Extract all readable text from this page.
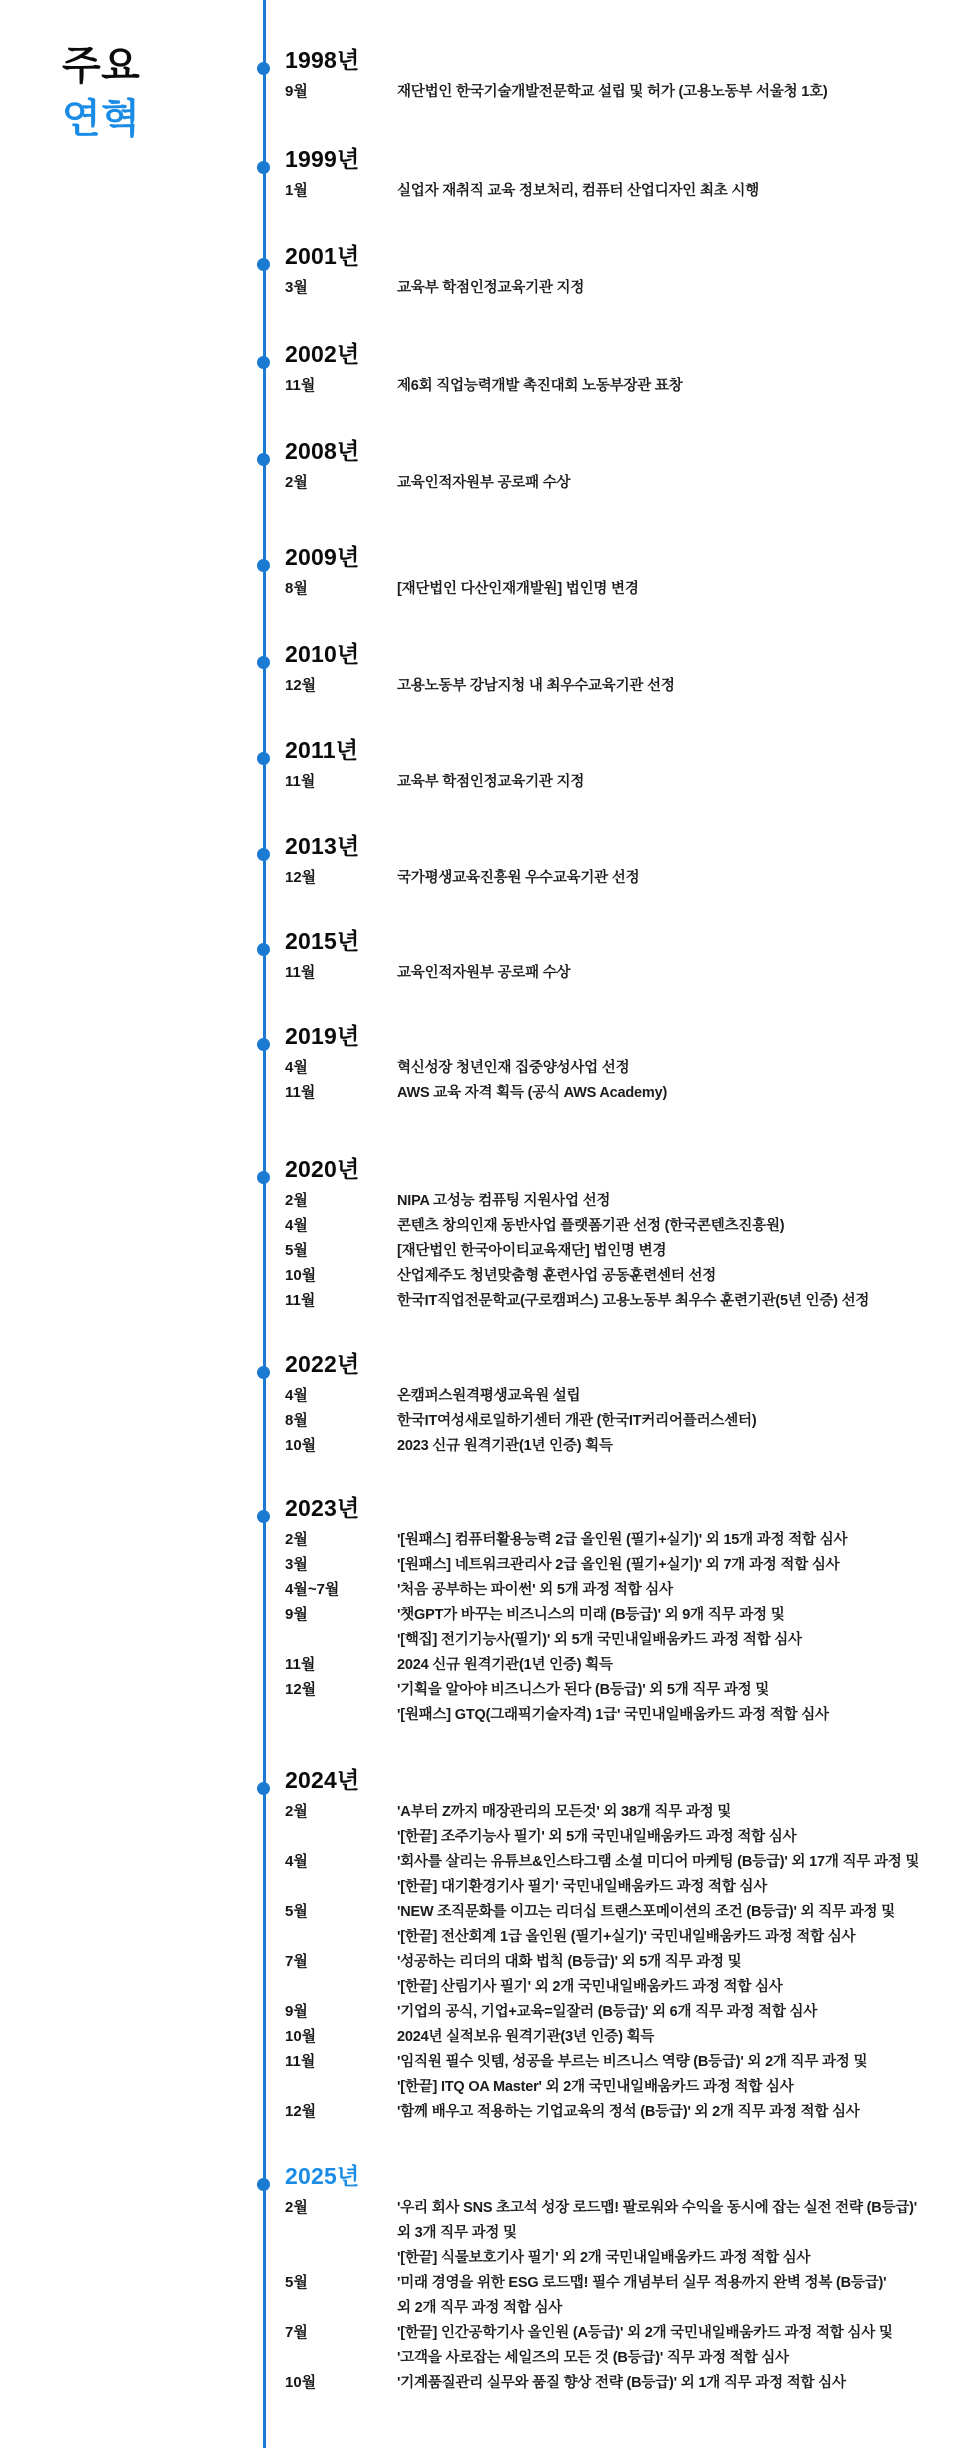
주요
연혁
1998년
9월	재단법인 한국기술개발전문학교 설립 및 허가 (고용노동부 서울청 1호)
1999년
1월	실업자 재취직 교육 정보처리, 컴퓨터 산업디자인 최초 시행
2001년
3월	교육부 학점인정교육기관 지정
2002년
11월	제6회 직업능력개발 촉진대회 노동부장관 표창
2008년
2월	교육인적자원부 공로패 수상
2009년
8월	[재단법인 다산인재개발원] 법인명 변경
2010년
12월	고용노동부 강남지청 내 최우수교육기관 선정
2011년
11월	교육부 학점인정교육기관 지정
2013년
12월	국가평생교육진흥원 우수교육기관 선정
2015년
11월	교육인적자원부 공로패 수상
2019년
4월	혁신성장 청년인재 집중양성사업 선정
11월	AWS 교육 자격 획득 (공식 AWS Academy)
2020년
2월	NIPA 고성능 컴퓨팅 지원사업 선정
4월	콘텐츠 창의인재 동반사업 플랫폼기관 선정 (한국콘텐츠진흥원)
5월	[재단법인 한국아이티교육재단] 법인명 변경
10월	산업제주도 청년맞춤형 훈련사업 공동훈련센터 선정
11월	한국IT직업전문학교(구로캠퍼스) 고용노동부 최우수 훈련기관(5년 인증) 선정
2022년
4월	온캠퍼스원격평생교육원 설립
8월	한국IT여성새로일하기센터 개관 (한국IT커리어플러스센터)
10월	2023 신규 원격기관(1년 인증) 획득
2023년
2월	'[원패스] 컴퓨터활용능력 2급 올인원 (필기+실기)' 외 15개 과정 적합 심사
3월	'[원패스] 네트워크관리사 2급 올인원 (필기+실기)' 외 7개 과정 적합 심사
4월~7월	'처음 공부하는 파이썬' 외 5개 과정 적합 심사
9월	'챗GPT가 바꾸는 비즈니스의 미래 (B등급)' 외 9개 직무 과정 및
'[핵집] 전기기능사(필기)' 외 5개 국민내일배움카드 과정 적합 심사
11월	2024 신규 원격기관(1년 인증) 획득
12월	'기획을 알아야 비즈니스가 된다 (B등급)' 외 5개 직무 과정 및
'[원패스] GTQ(그래픽기술자격) 1급' 국민내일배움카드 과정 적합 심사
2024년
2월	'A부터 Z까지 매장관리의 모든것' 외 38개 직무 과정 및
'[한끝] 조주기능사 필기' 외 5개 국민내일배움카드 과정 적합 심사
4월	'회사를 살리는 유튜브&인스타그램 소셜 미디어 마케팅 (B등급)' 외 17개 직무 과정 및
'[한끝] 대기환경기사 필기' 국민내일배움카드 과정 적합 심사
5월	'NEW 조직문화를 이끄는 리더십 트랜스포메이션의 조건 (B등급)' 외 직무 과정 및
'[한끝] 전산회계 1급 올인원 (필기+실기)' 국민내일배움카드 과정 적합 심사
7월	'성공하는 리더의 대화 법칙 (B등급)' 외 5개 직무 과정 및
'[한끝] 산림기사 필기' 외 2개 국민내일배움카드 과정 적합 심사
9월	'기업의 공식, 기업+교육=일잘러 (B등급)' 외 6개 직무 과정 적합 심사
10월	2024년 실적보유 원격기관(3년 인증) 획득
11월	'임직원 필수 잇템, 성공을 부르는 비즈니스 역량 (B등급)' 외 2개 직무 과정 및
'[한끝] ITQ OA Master' 외 2개 국민내일배움카드 과정 적합 심사
12월	'함께 배우고 적용하는 기업교육의 정석 (B등급)' 외 2개 직무 과정 적합 심사
2025년
2월	'우리 회사 SNS 초고석 성장 로드맵! 팔로워와 수익을 동시에 잡는 실전 전략 (B등급)'
외 3개 직무 과정 및
'[한끝] 식물보호기사 필기' 외 2개 국민내일배움카드 과정 적합 심사
5월	'미래 경영을 위한 ESG 로드맵! 필수 개념부터 실무 적용까지 완벽 정복 (B등급)'
외 2개 직무 과정 적합 심사
7월	'[한끝] 인간공학기사 올인원 (A등급)' 외 2개 국민내일배움카드 과정 적합 심사 및
'고객을 사로잡는 세일즈의 모든 것 (B등급)' 직무 과정 적합 심사
10월	'기계품질관리 실무와 품질 향상 전략 (B등급)' 외 1개 직무 과정 적합 심사
